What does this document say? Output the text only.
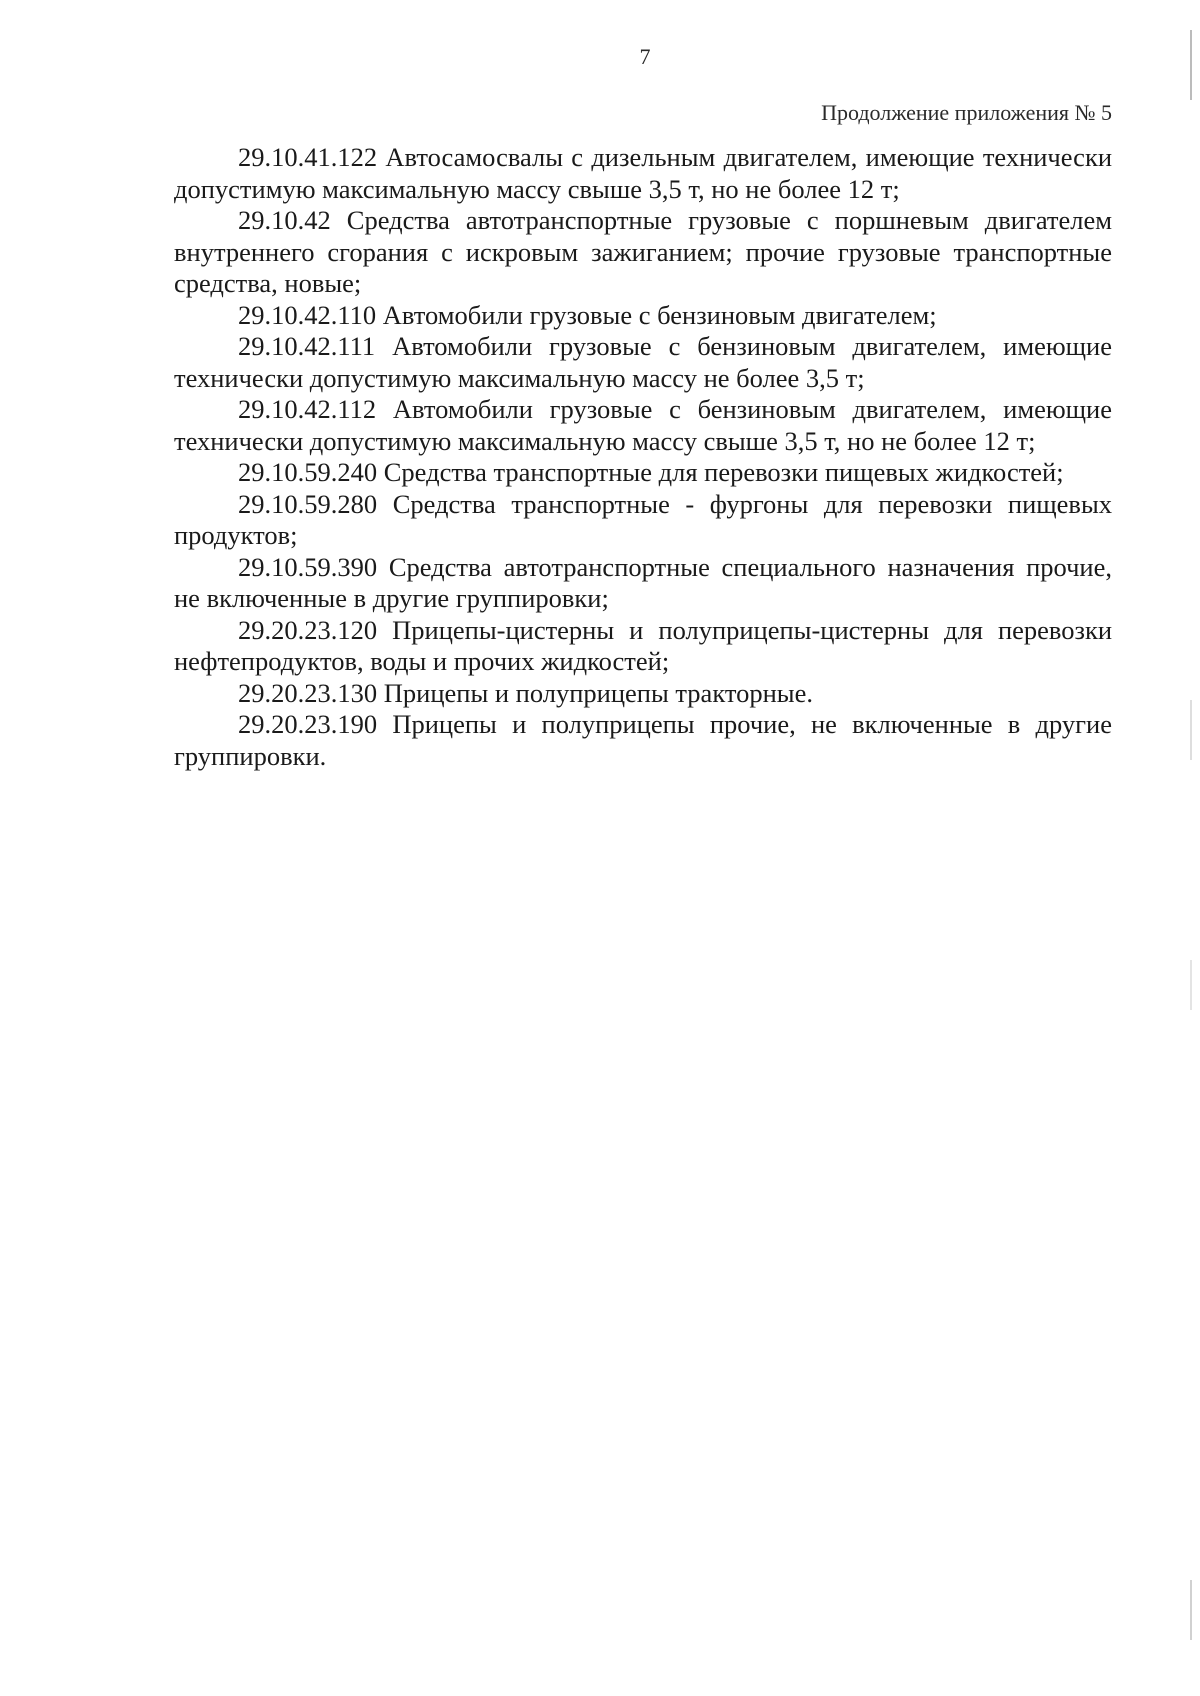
7
Продолжение приложения № 5

29.10.41.122 Автосамосвалы с дизельным двигателем, имеющие технически допустимую максимальную массу свыше 3,5 т, но не более 12 т;

29.10.42 Средства автотранспортные грузовые с поршневым двигателем внутреннего сгорания с искровым зажиганием; прочие грузовые транспортные средства, новые;

29.10.42.110 Автомобили грузовые с бензиновым двигателем;

29.10.42.111 Автомобили грузовые с бензиновым двигателем, имеющие технически допустимую максимальную массу не более 3,5 т;

29.10.42.112 Автомобили грузовые с бензиновым двигателем, имеющие технически допустимую максимальную массу свыше 3,5 т, но не более 12 т;

29.10.59.240 Средства транспортные для перевозки пищевых жидкостей;

29.10.59.280 Средства транспортные - фургоны для перевозки пищевых продуктов;

29.10.59.390 Средства автотранспортные специального назначения прочие, не включенные в другие группировки;

29.20.23.120 Прицепы-цистерны и полуприцепы-цистерны для перевозки нефтепродуктов, воды и прочих жидкостей;

29.20.23.130 Прицепы и полуприцепы тракторные.

29.20.23.190 Прицепы и полуприцепы прочие, не включенные в другие группировки.
